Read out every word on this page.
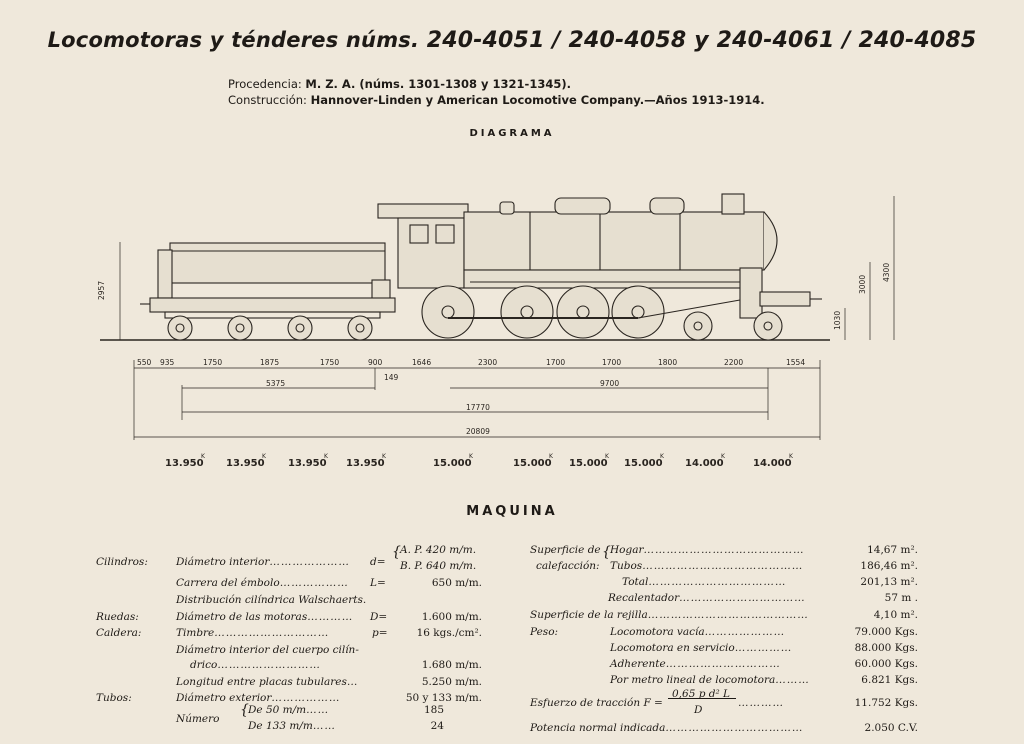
Locomotoras y ténderes núms. 240-4051 / 240-4058 y 240-4061 / 240-4085
Procedencia: M. Z. A. (núms. 1301-1308 y 1321-1345).
Construcción: Hannover-Linden y American Locomotive Company.—Años 1913-1914.
DIAGRAMA
2957
1030
3000
4300
550 935	1750	1875	1750	900	1646	2300	1700	1700	1800	2200	1554
149
5375	9700
17770
20809
13.950
K
13.950
K
13.950
K
13.950
K
15.000
K
15.000
K
15.000
K
15.000
K
14.000
K
14.000
K
MAQUINA
Cilindros:	Diámetro interior………………… d=
{ A. P. 420 m/m.
B. P. 640 m/m.
Carrera del émbolo……………… L=	650 m/m.
Distribución cilíndrica Walschaerts.
Ruedas:	Diámetro de las motoras………… D=	1.600 m/m.
Caldera:	Timbre…………………………	p=	16 kgs./cm².
Diámetro interior del cuerpo cilín-
drico………………………	1.680 m/m.
Longitud entre placas tubulares…	5.250 m/m.
Tubos:	Diámetro exterior………………	50 y 133 m/m.
Número
{ De 50 m/m……	185
De 133 m/m……	24
Superficie de
calefacción:
{ Hogar……………………………………	14,67 m².
Tubos……………………………………	186,46 m².
Total………………………………	201,13 m².
Recalentador……………………………	57 m .
Superficie de la rejilla……………………………………	4,10 m².
Peso:	Locomotora vacía…………………	79.000 Kgs.
Locomotora en servicio……………	88.000 Kgs.
Adherente…………………………	60.000 Kgs.
Por metro lineal de locomotora………	6.821 Kgs.
Esfuerzo de tracción F =
0,65 p d² L
D
…………	11.752 Kgs.
Potencia normal indicada………………………………	2.050 C.V.
